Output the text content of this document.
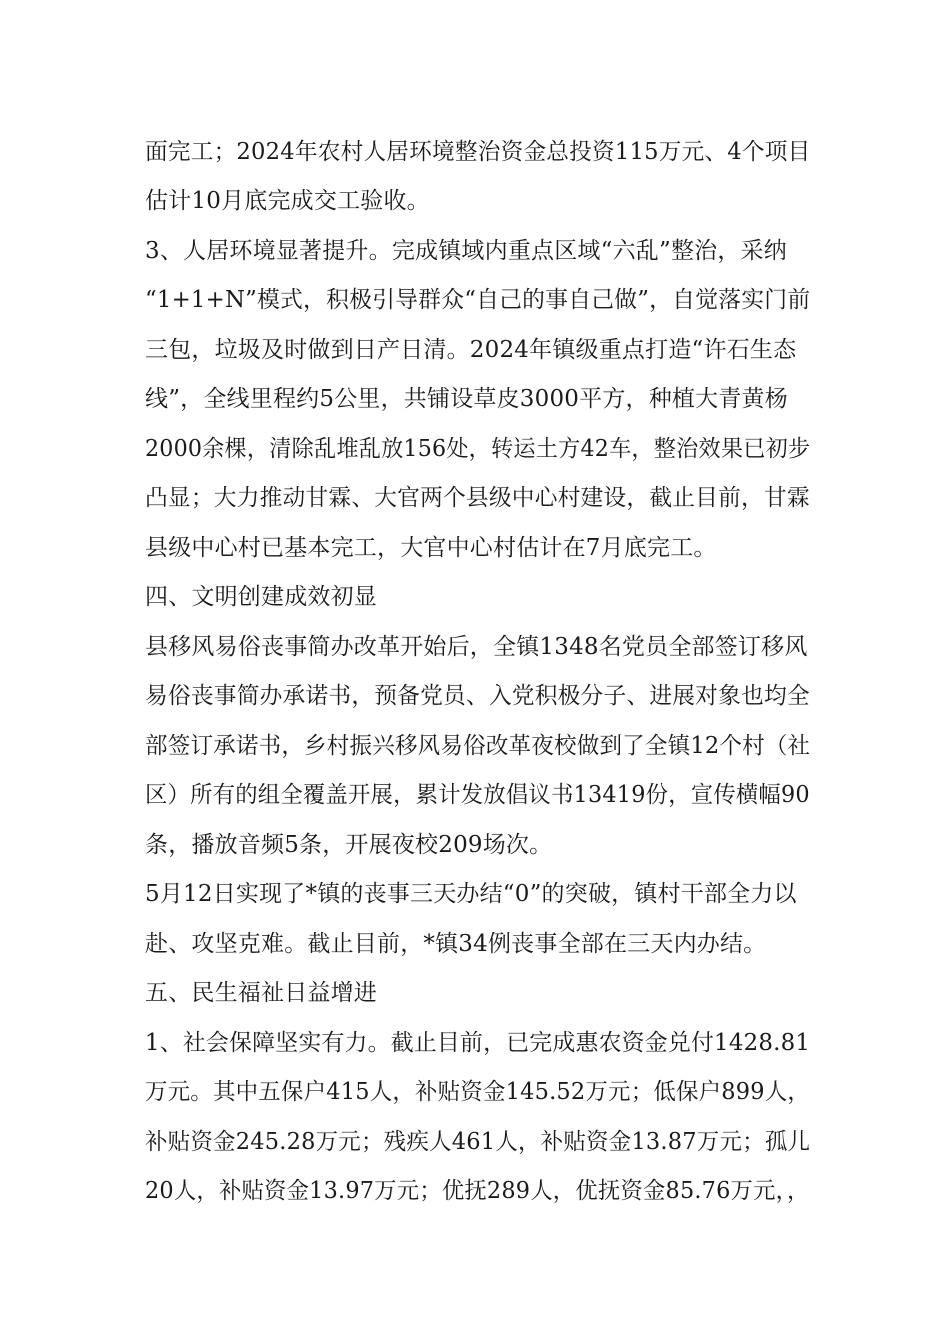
面完工；2024年农村人居环境整治资金总投资115万元、4个项目
估计10月底完成交工验收。
3、人居环境显著提升。完成镇域内重点区域“六乱”整治，采纳
“1+1+N”模式，积极引导群众“自己的事自己做”，自觉落实门前
三包，垃圾及时做到日产日清。2024年镇级重点打造“许石生态
线”，全线里程约5公里，共铺设草皮3000平方，种植大青黄杨
2000余棵，清除乱堆乱放156处，转运土方42车，整治效果已初步
凸显；大力推动甘霖、大官两个县级中心村建设，截止目前，甘霖
县级中心村已基本完工，大官中心村估计在7月底完工。
四、文明创建成效初显
县移风易俗丧事简办改革开始后，全镇1348名党员全部签订移风
易俗丧事简办承诺书，预备党员、入党积极分子、进展对象也均全
部签订承诺书，乡村振兴移风易俗改革夜校做到了全镇12个村（社
区）所有的组全覆盖开展，累计发放倡议书13419份，宣传横幅90
条，播放音频5条，开展夜校209场次。
5月12日实现了*镇的丧事三天办结“0”的突破，镇村干部全力以
赴、攻坚克难。截止目前，*镇34例丧事全部在三天内办结。
五、民生福祉日益增进
1、社会保障坚实有力。截止目前，已完成惠农资金兑付1428.81
万元。其中五保户415人，补贴资金145.52万元；低保户899人，
补贴资金245.28万元；残疾人461人，补贴资金13.87万元；孤儿
20人，补贴资金13.97万元；优抚289人，优抚资金85.76万元，，
